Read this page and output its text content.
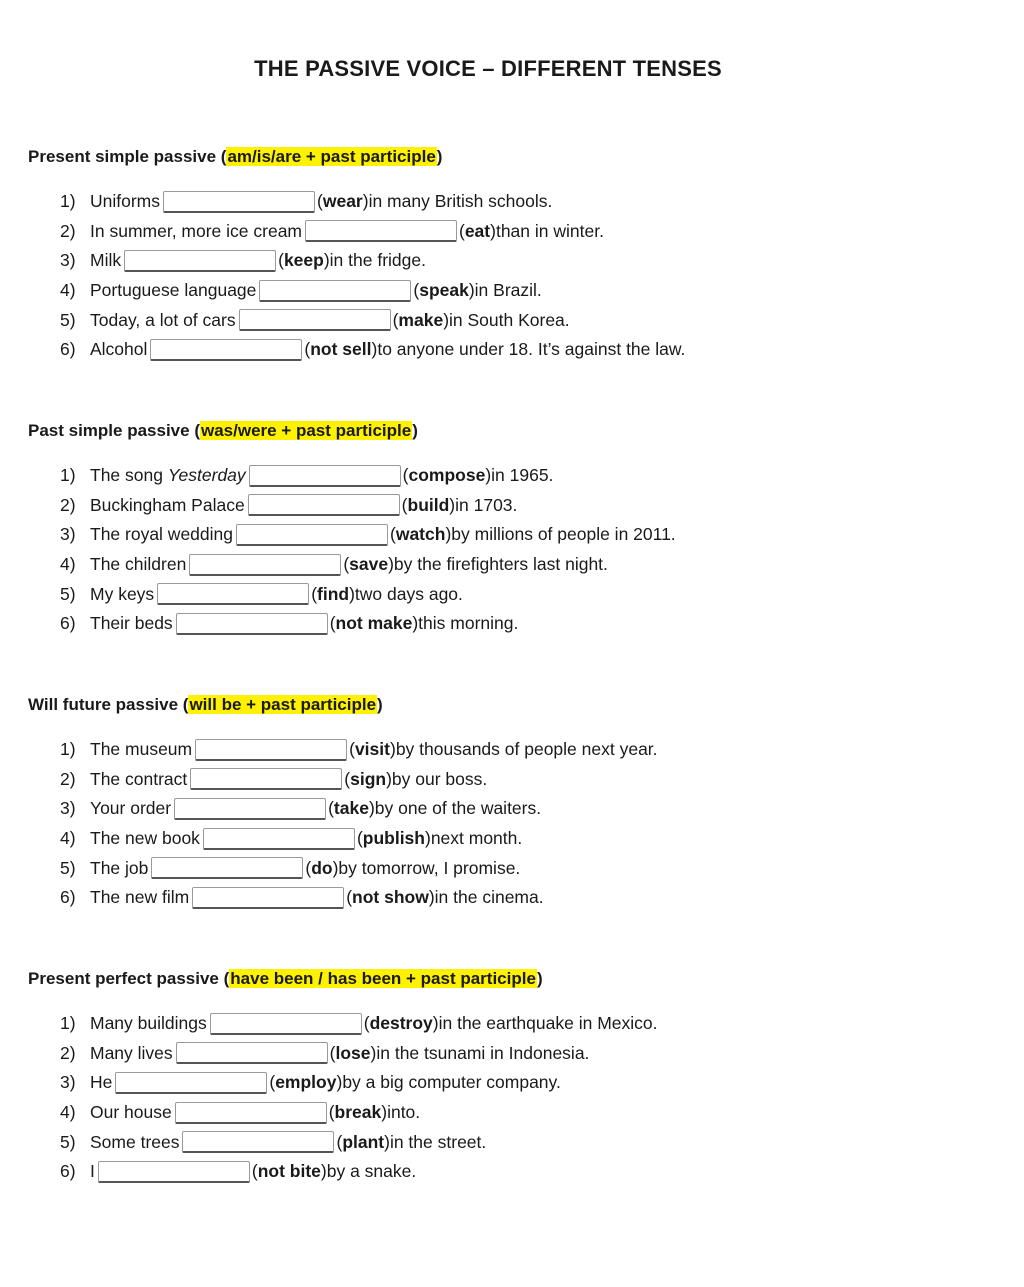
THE PASSIVE VOICE – DIFFERENT TENSES
Present simple passive (am/is/are + past participle)
1) Uniforms	(wear) in many British schools.
2) In summer, more ice cream	(eat) than in winter.
3) Milk	(keep) in the fridge.
4) Portuguese language	(speak) in Brazil.
5) Today, a lot of cars	(make) in South Korea.
6) Alcohol	(not sell) to anyone under 18. It’s against the law.
Past simple passive (was/were + past participle)
1) The song Yesterday	(compose) in 1965.
2) Buckingham Palace	(build) in 1703.
3) The royal wedding	(watch) by millions of people in 2011.
4) The children	(save) by the firefighters last night.
5) My keys	(find) two days ago.
6) Their beds	(not make) this morning.
Will future passive (will be + past participle)
1) The museum	(visit) by thousands of people next year.
2) The contract	(sign) by our boss.
3) Your order	(take) by one of the waiters.
4) The new book	(publish) next month.
5) The job	(do) by tomorrow, I promise.
6) The new film	(not show) in the cinema.
Present perfect passive (have been / has been + past participle)
1) Many buildings	(destroy) in the earthquake in Mexico.
2) Many lives	(lose) in the tsunami in Indonesia.
3) He	(employ) by a big computer company.
4) Our house	(break) into.
5) Some trees	(plant) in the street.
6) I	(not bite) by a snake.
